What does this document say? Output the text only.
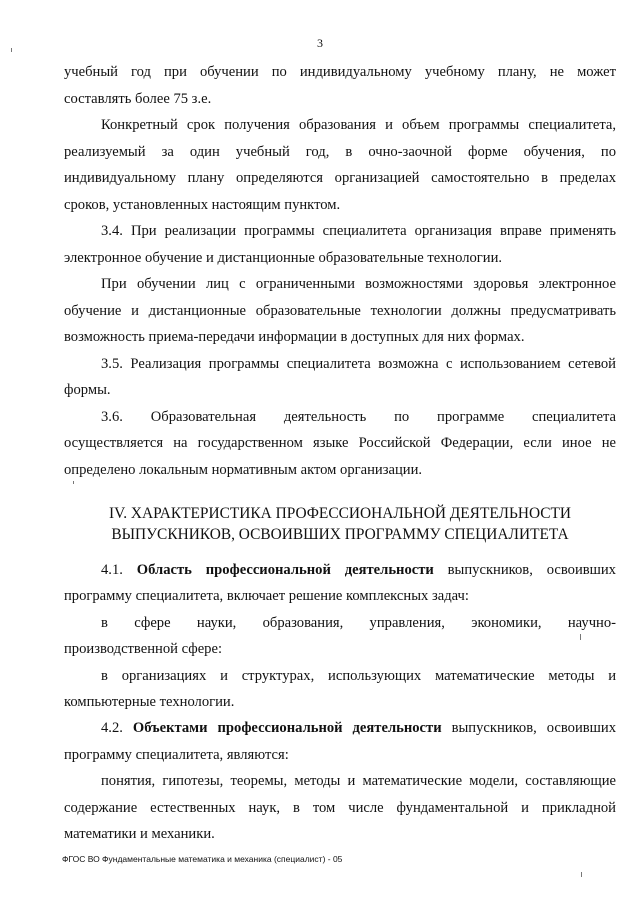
3
учебный год при обучении по индивидуальному учебному плану, не может
составлять более 75 з.е.
Конкретный срок получения образования и объем программы специалитета,
реализуемый за один учебный год, в очно-заочной форме обучения, по
индивидуальному плану определяются организацией самостоятельно в пределах
сроков, установленных настоящим пунктом.
3.4. При реализации программы специалитета организация вправе применять
электронное обучение и дистанционные образовательные технологии.
При обучении лиц с ограниченными возможностями здоровья электронное
обучение и дистанционные образовательные технологии должны предусматривать
возможность приема-передачи информации в доступных для них формах.
3.5. Реализация программы специалитета возможна с использованием сетевой
формы.
3.6. Образовательная деятельность по программе специалитета
осуществляется на государственном языке Российской Федерации, если иное не
определено локальным нормативным актом организации.
IV. ХАРАКТЕРИСТИКА ПРОФЕССИОНАЛЬНОЙ ДЕЯТЕЛЬНОСТИ
ВЫПУСКНИКОВ, ОСВОИВШИХ ПРОГРАММУ СПЕЦИАЛИТЕТА
4.1. Область профессиональной деятельности выпускников, освоивших
программу специалитета, включает решение комплексных задач:
в сфере науки, образования, управления, экономики, научно-
производственной сфере:
в организациях и структурах, использующих математические методы и
компьютерные технологии.
4.2. Объектами профессиональной деятельности выпускников, освоивших
программу специалитета, являются:
понятия, гипотезы, теоремы, методы и математические модели, составляющие
содержание естественных наук, в том числе фундаментальной и прикладной
математики и механики.
ФГОС ВО Фундаментальные математика и механика (специалист) - 05
